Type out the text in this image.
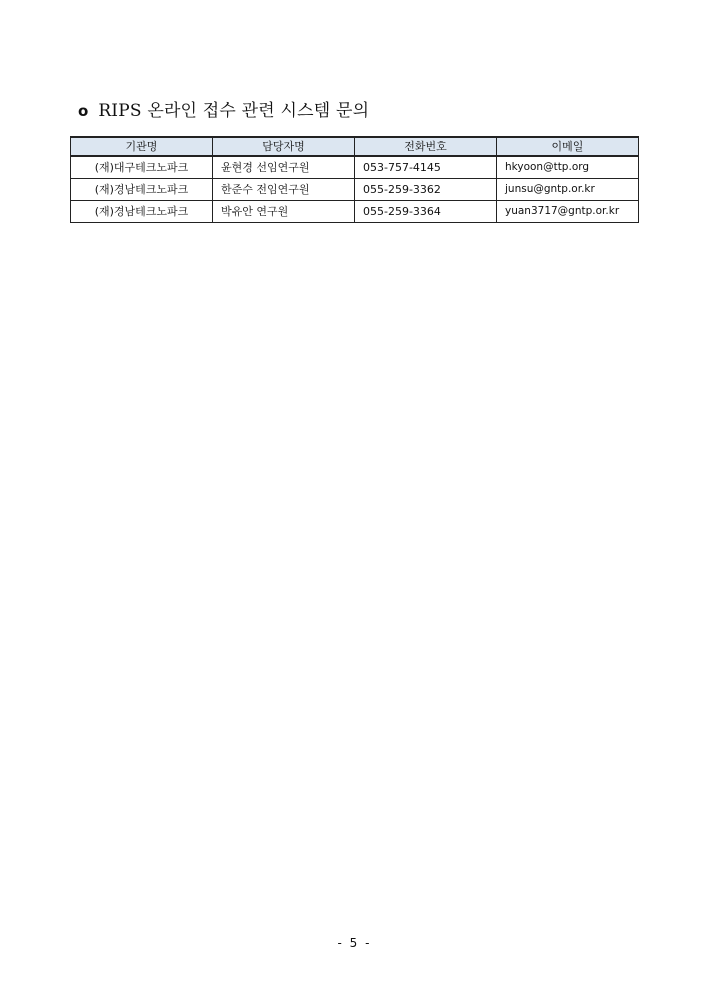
o RIPS 온라인 접수 관련 시스템 문의
기관명	담당자명	전화번호	이메일
(재)대구테크노파크	윤현경 선임연구원	053-757-4145	hkyoon@ttp.org
(재)경남테크노파크	한준수 전임연구원	055-259-3362	junsu@gntp.or.kr
(재)경남테크노파크	박유안 연구원	055-259-3364	yuan3717@gntp.or.kr
- 5 -
